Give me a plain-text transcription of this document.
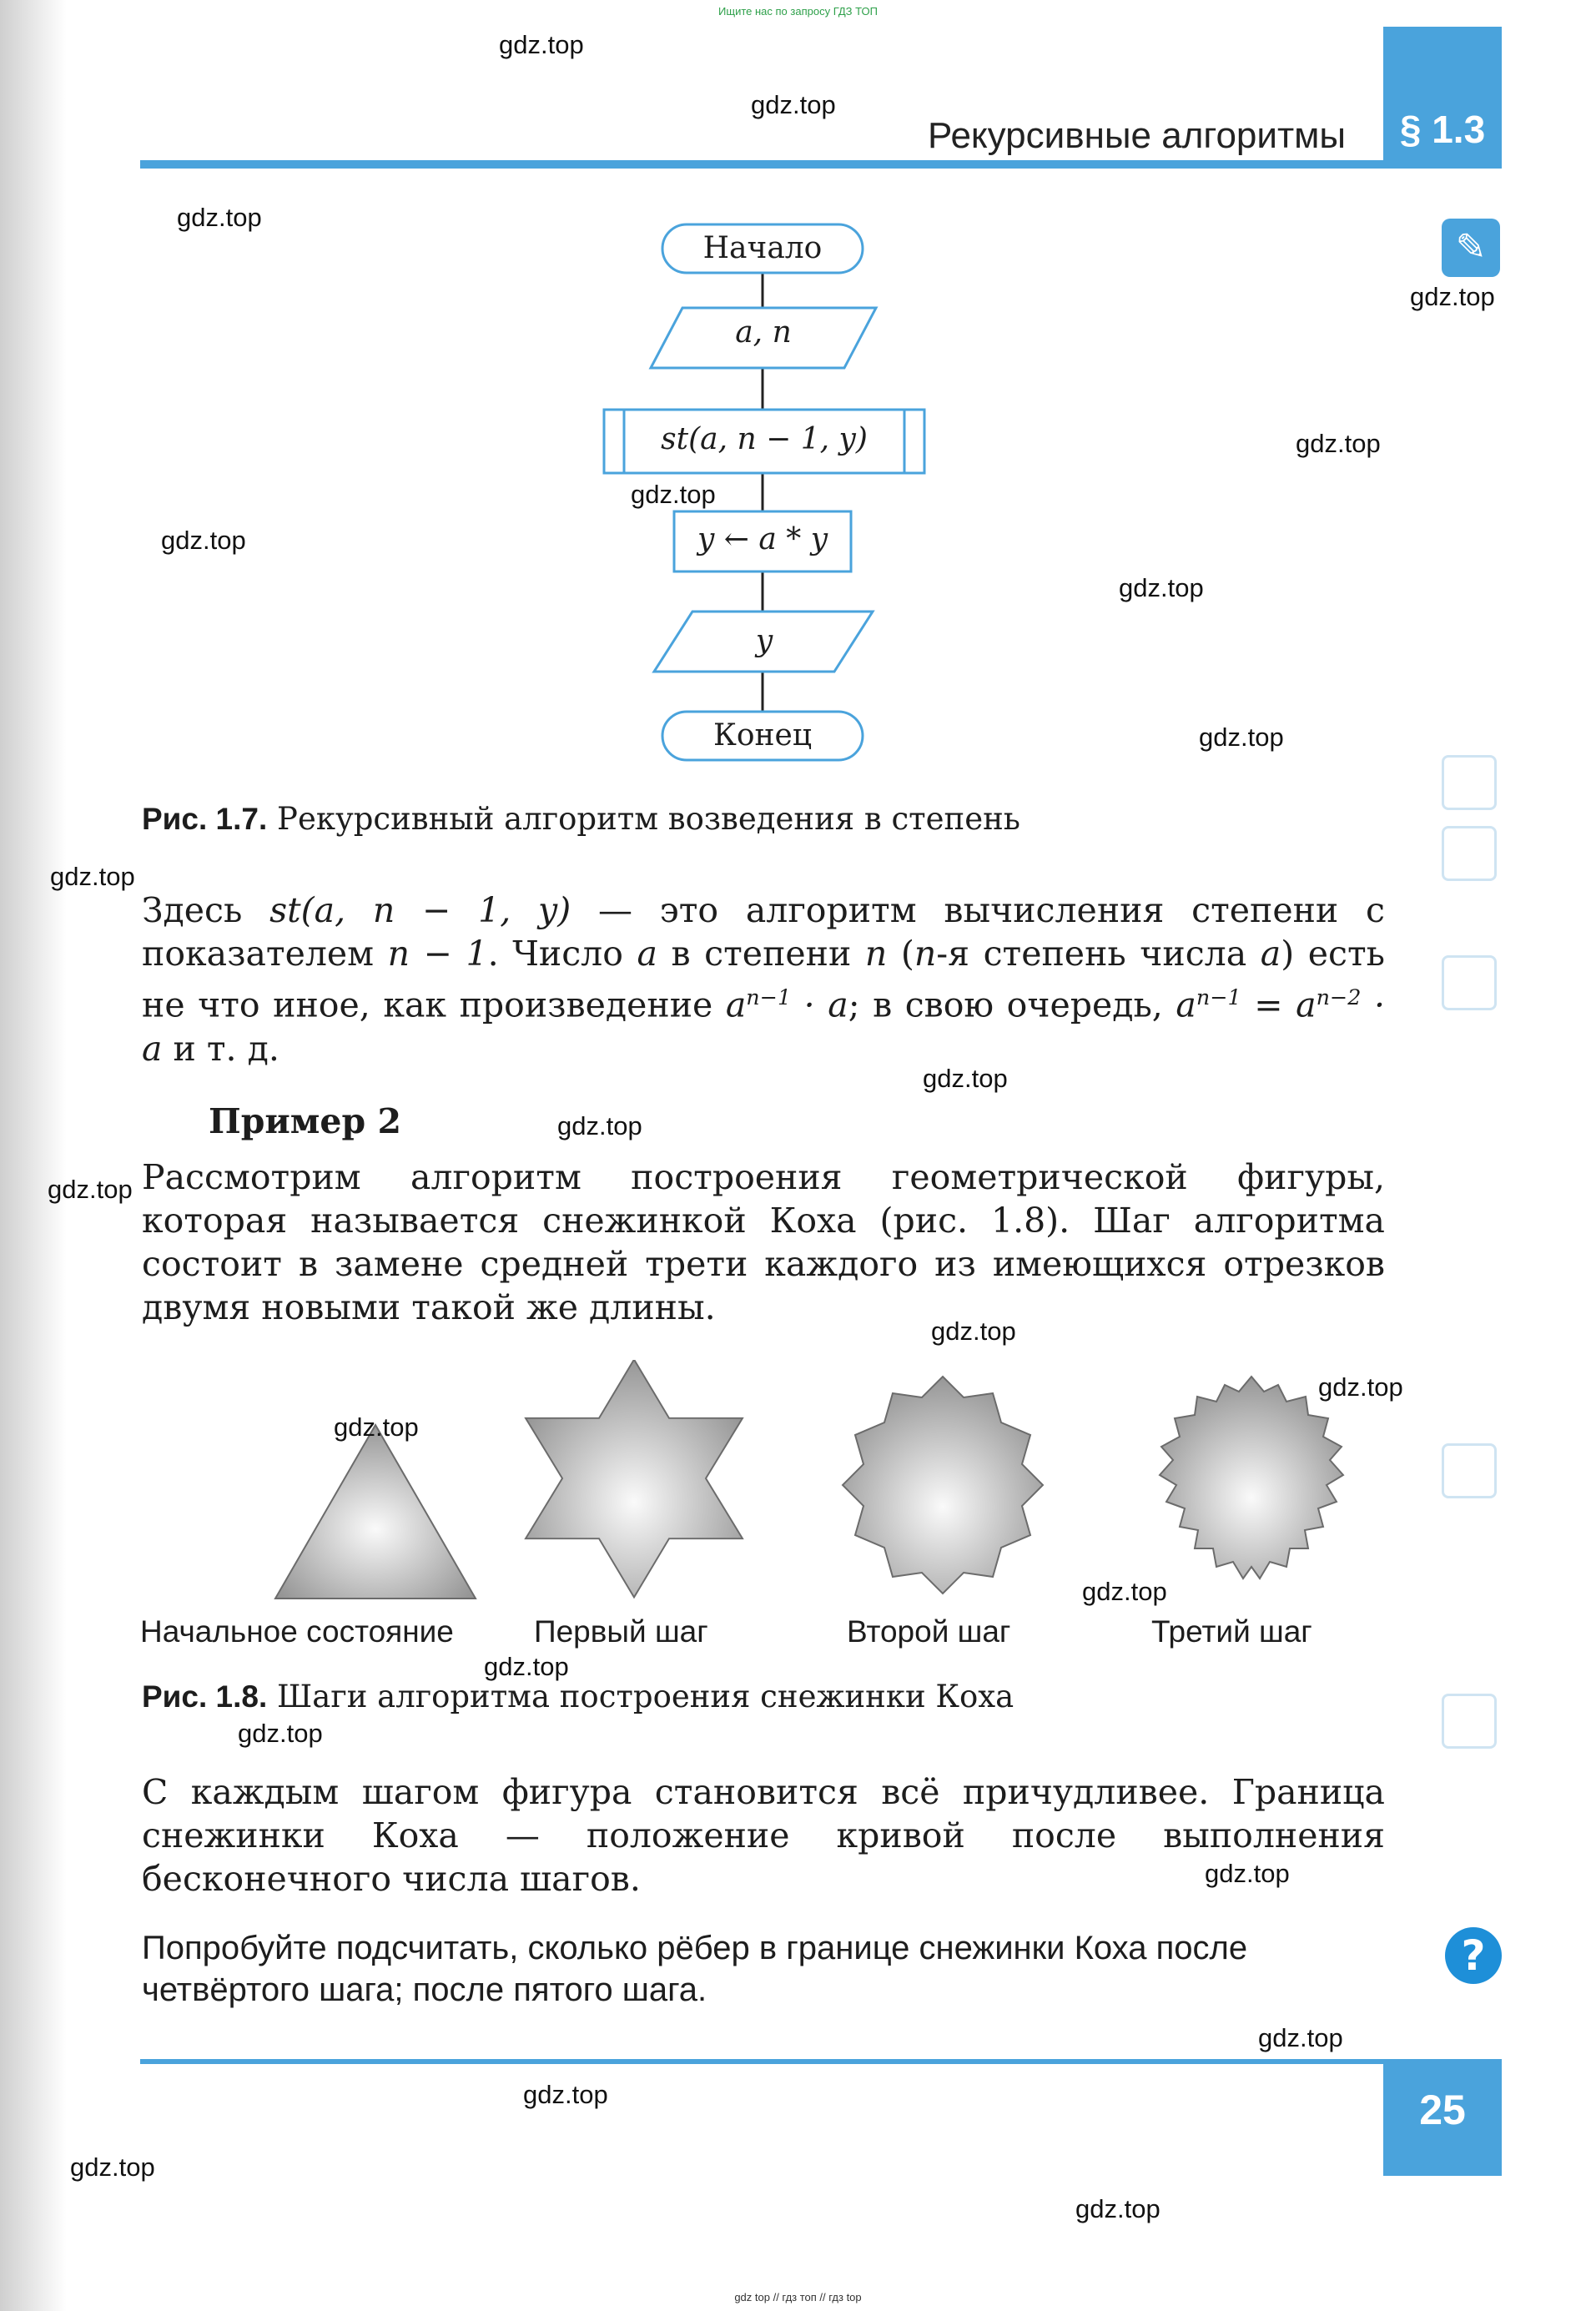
Ищите нас по запросу ГДЗ ТОП
§ 1.3
Рекурсивные алгоритмы
✎
?
Начало
a, n
st(a, n − 1, y)
y ← a * y
y
Конец
Рис. 1.7. Рекурсивный алгоритм возведения в степень
Здесь st(a, n − 1, y) — это алгоритм вычисления степени с показателем n − 1. Число a в степени n (n-я степень числа a) есть не что иное, как произведение $a^{n-1} \cdot a$; в свою очередь, $a^{n-1} = a^{n-2} \cdot a$ и т. д.
Пример 2
Рассмотрим алгоритм построения геометрической фигуры, которая называется снежинкой Коха (рис. 1.8). Шаг алгоритма состоит в замене средней трети каждого из имеющихся отрезков двумя новыми такой же длины.
Начальное состояние	Первый шаг	Второй шаг	Третий шаг
Рис. 1.8. Шаги алгоритма построения снежинки Коха
С каждым шагом фигура становится всё причудливее. Граница снежинки Коха — положение кривой после выполнения бесконечного числа шагов.
Попробуйте подсчитать, сколько рёбер в границе снежинки Коха после четвёртого шага; после пятого шага.
25
gdz.top
gdz.top
gdz.top
gdz.top
gdz.top
gdz.top
gdz.top
gdz.top
gdz.top
gdz.top
gdz.top
gdz.top
gdz.top
gdz.top
gdz.top
gdz.top
gdz.top
gdz.top
gdz.top
gdz.top
gdz.top
gdz.top
gdz.top
gdz.top
gdz top // гдз топ // гдз top
